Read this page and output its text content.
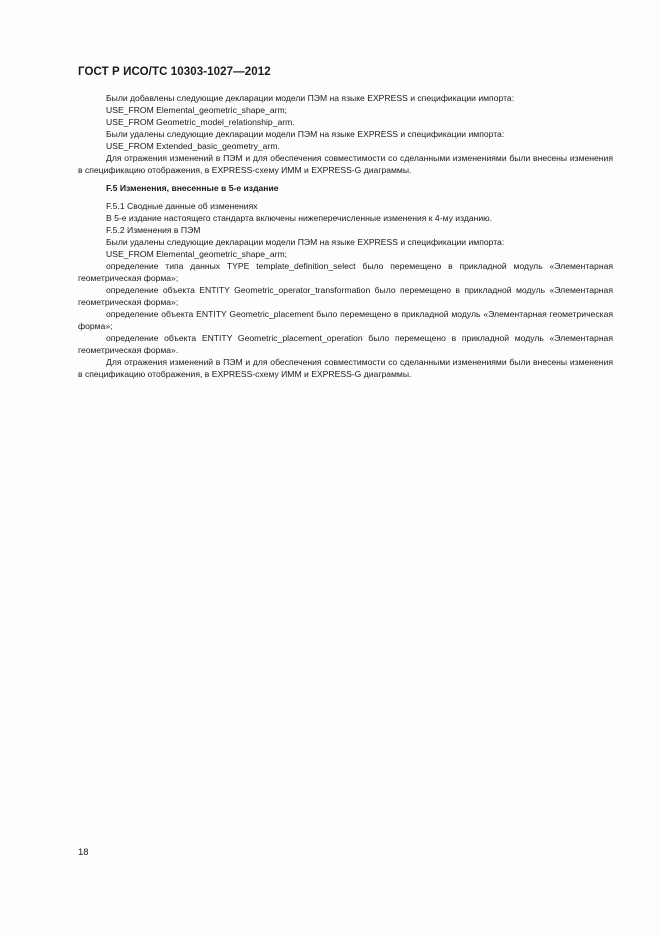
ГОСТ Р ИСО/ТС 10303-1027—2012

Были добавлены следующие декларации модели ПЭМ на языке EXPRESS и спецификации импорта:

USE_FROM Elemental_geometric_shape_arm;

USE_FROM Geometric_model_relationship_arm.

Были удалены следующие декларации модели ПЭМ на языке EXPRESS и спецификации импорта:

USE_FROM Extended_basic_geometry_arm.

Для отражения изменений в ПЭМ и для обеспечения совместимости со сделанными изменениями были внесены изменения в спецификацию отображения, в EXPRESS-схему ИММ и EXPRESS-G диаграммы.

F.5 Изменения, внесенные в 5-е издание

F.5.1 Сводные данные об изменениях

В 5-е издание настоящего стандарта включены нижеперечисленные изменения к 4-му изданию.

F.5.2 Изменения в ПЭМ

Были удалены следующие декларации модели ПЭМ на языке EXPRESS и спецификации импорта:

USE_FROM Elemental_geometric_shape_arm;

определение типа данных TYPE template_definition_select было перемещено в прикладной модуль «Элементарная геометрическая форма»;

определение объекта ENTITY Geometric_operator_transformation было перемещено в прикладной модуль «Элементарная геометрическая форма»;

определение объекта ENTITY Geometric_placement было перемещено в прикладной модуль «Элементарная геометрическая форма»;

определение объекта ENTITY Geometric_placement_operation было перемещено в прикладной модуль «Элементарная геометрическая форма».

Для отражения изменений в ПЭМ и для обеспечения совместимости со сделанными изменениями были внесены изменения в спецификацию отображения, в EXPRESS-схему ИММ и EXPRESS-G диаграммы.

18
